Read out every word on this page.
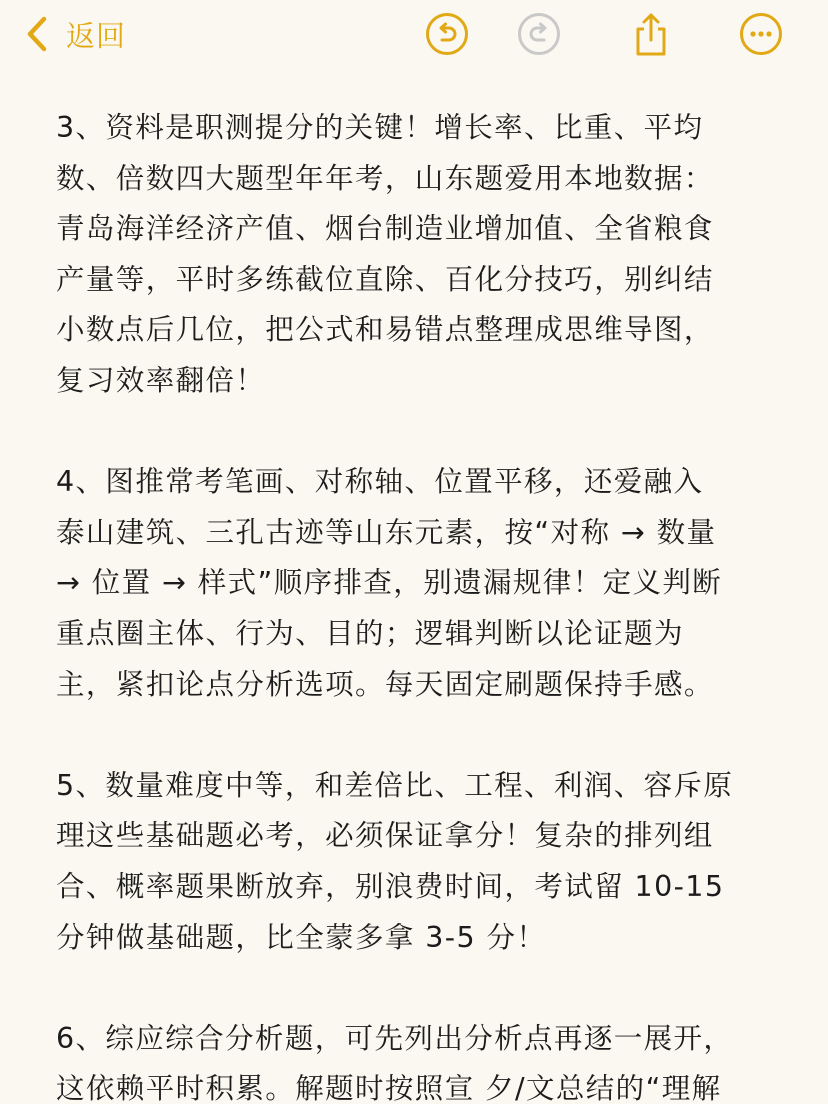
返回

3、资料是职测提分的关键！增长率、比重、平均
数、倍数四大题型年年考，山东题爱用本地数据：
青岛海洋经济产值、烟台制造业增加值、全省粮食
产量等，平时多练截位直除、百化分技巧，别纠结
小数点后几位，把公式和易错点整理成思维导图，
复习效率翻倍！

4、图推常考笔画、对称轴、位置平移，还爱融入
泰山建筑、三孔古迹等山东元素，按“对称 → 数量
→ 位置 → 样式”顺序排查，别遗漏规律！定义判断
重点圈主体、行为、目的；逻辑判断以论证题为
主，紧扣论点分析选项。每天固定刷题保持手感。

5、数量难度中等，和差倍比、工程、利润、容斥原
理这些基础题必考，必须保证拿分！复杂的排列组
合、概率题果断放弃，别浪费时间，考试留 10-15
分钟做基础题，比全蒙多拿 3-5 分！

6、综应综合分析题，可先列出分析点再逐一展开，
这依赖平时积累。解题时按照宣 夕/文总结的“理解
